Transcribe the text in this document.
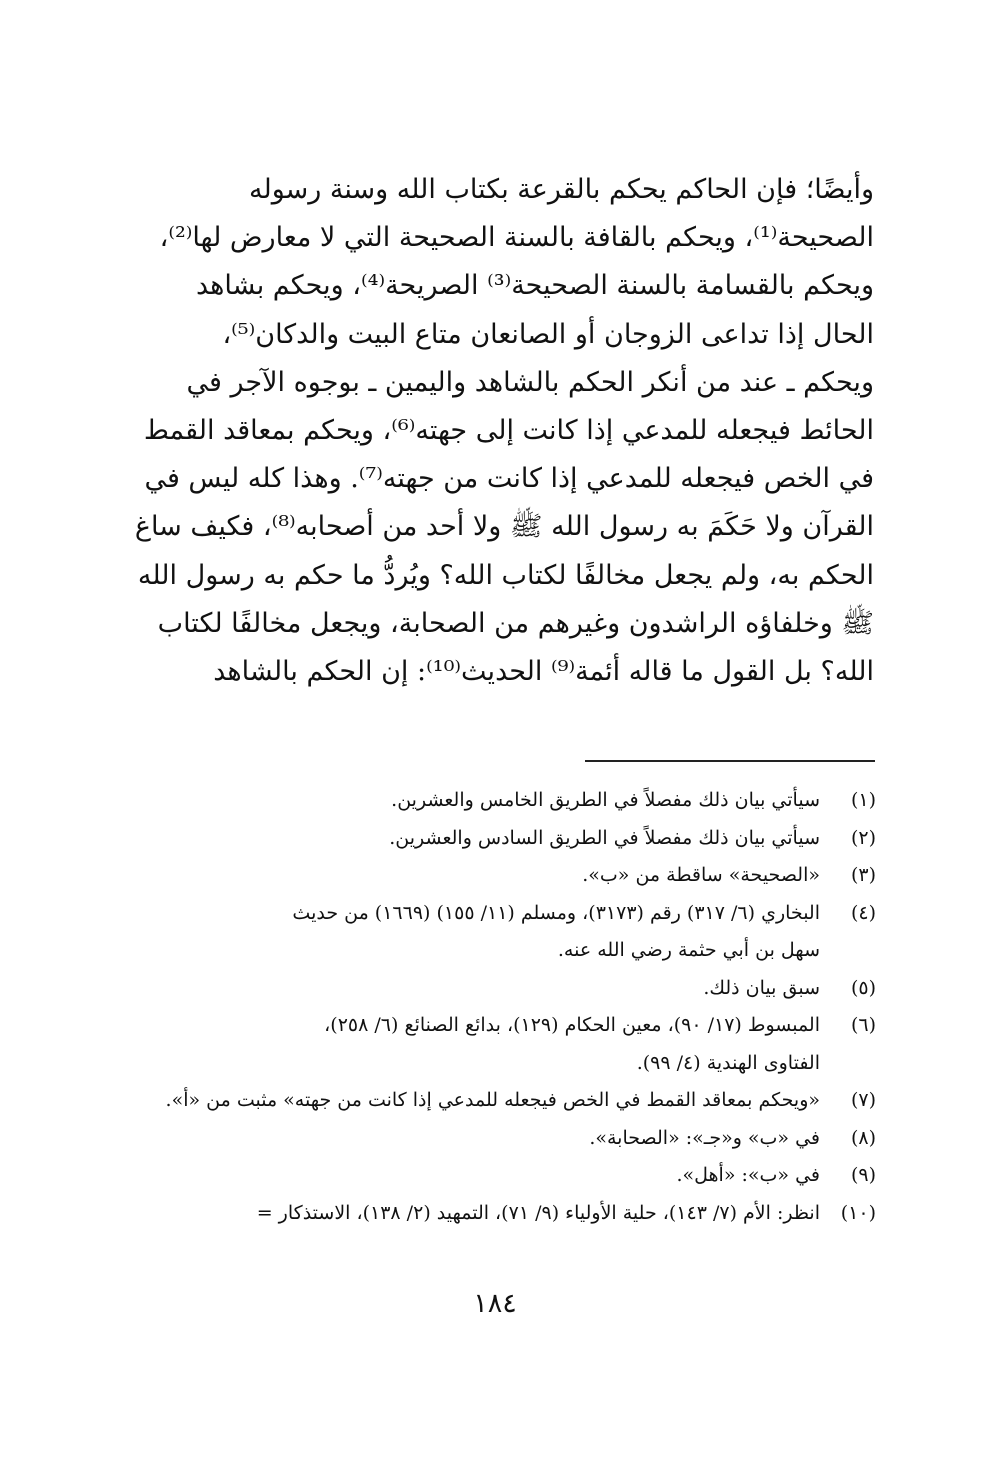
وأيضًا؛ فإن الحاكم يحكم بالقرعة بكتاب الله وسنة رسوله
الصحيحة⁽¹⁾، ويحكم بالقافة بالسنة الصحيحة التي لا معارض لها⁽²⁾،
ويحكم بالقسامة بالسنة الصحيحة⁽³⁾ الصريحة⁽⁴⁾، ويحكم بشاهد
الحال إذا تداعى الزوجان أو الصانعان متاع البيت والدكان⁽⁵⁾،
ويحكم ـ عند من أنكر الحكم بالشاهد واليمين ـ بوجوه الآجر في
الحائط فيجعله للمدعي إذا كانت إلى جهته⁽⁶⁾، ويحكم بمعاقد القمط
في الخص فيجعله للمدعي إذا كانت من جهته⁽⁷⁾. وهذا كله ليس في
القرآن ولا حَكَمَ به رسول الله ﷺ ولا أحد من أصحابه⁽⁸⁾، فكيف ساغ
الحكم به، ولم يجعل مخالفًا لكتاب الله؟ ويُردُّ ما حكم به رسول الله
ﷺ وخلفاؤه الراشدون وغيرهم من الصحابة، ويجعل مخالفًا لكتاب
الله؟ بل القول ما قاله أئمة⁽⁹⁾ الحديث⁽¹⁰⁾: إن الحكم بالشاهد
(١)
سيأتي بيان ذلك مفصلاً في الطريق الخامس والعشرين.
(٢)
سيأتي بيان ذلك مفصلاً في الطريق السادس والعشرين.
(٣)
«الصحيحة» ساقطة من «ب».
(٤)
البخاري (٦/ ٣١٧) رقم (٣١٧٣)، ومسلم (١١/ ١٥٥) (١٦٦٩) من حديث
سهل بن أبي حثمة رضي الله عنه.
(٥)
سبق بيان ذلك.
(٦)
المبسوط (١٧/ ٩٠)، معين الحكام (١٢٩)، بدائع الصنائع (٦/ ٢٥٨)،
الفتاوى الهندية (٤/ ٩٩).
(٧)
«ويحكم بمعاقد القمط في الخص فيجعله للمدعي إذا كانت من جهته» مثبت من «أ».
(٨)
في «ب» و«جـ»: «الصحابة».
(٩)
في «ب»: «أهل».
(١٠)
انظر: الأم (٧/ ١٤٣)، حلية الأولياء (٩/ ٧١)، التمهيد (٢/ ١٣٨)، الاستذكار =
١٨٤
